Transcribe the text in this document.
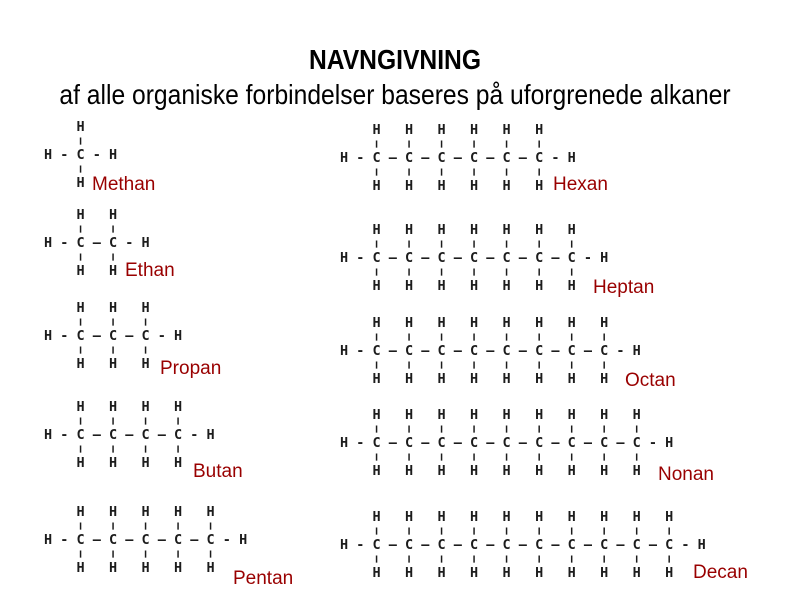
NAVNGIVNING
af alle organiske forbindelser baseres på uforgrenede alkaner
H
|
H - C - H
|
H Methan
H   H
|   |
H - C — C - H
|   |
H   H Ethan
H   H   H
|   |   |
H - C — C — C - H
|   |   |
H   H   H Propan
H   H   H   H
|   |   |   |
H - C — C — C — C - H
|   |   |   |
H   H   H   H Butan
H   H   H   H   H
|   |   |   |   |
H - C — C — C — C — C - H
|   |   |   |   |
H   H   H   H   H Pentan
H   H   H   H   H   H
|   |   |   |   |   |
H - C — C — C — C — C — C - H
|   |   |   |   |   |
H   H   H   H   H   H Hexan
H   H   H   H   H   H   H
|   |   |   |   |   |   |
H - C — C — C — C — C — C — C - H
|   |   |   |   |   |   |
H   H   H   H   H   H   H Heptan
H   H   H   H   H   H   H   H
|   |   |   |   |   |   |   |
H - C — C — C — C — C — C — C — C - H
|   |   |   |   |   |   |   |
H   H   H   H   H   H   H   H Octan
H   H   H   H   H   H   H   H   H
|   |   |   |   |   |   |   |   |
H - C — C — C — C — C — C — C — C — C - H
|   |   |   |   |   |   |   |   |
H   H   H   H   H   H   H   H   H Nonan
H   H   H   H   H   H   H   H   H   H
|   |   |   |   |   |   |   |   |   |
H - C — C — C — C — C — C — C — C — C — C - H
|   |   |   |   |   |   |   |   |   |
H   H   H   H   H   H   H   H   H   H	Decan
